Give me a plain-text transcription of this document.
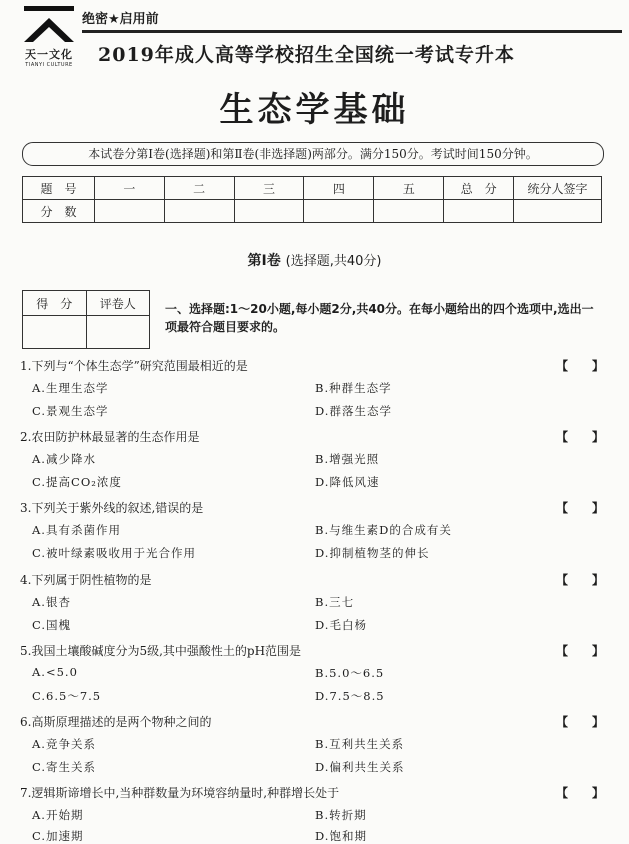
天一文化
TIANYI CULTURE
绝密★启用前
2019年成人高等学校招生全国统一考试专升本
生态学基础
本试卷分第Ⅰ卷(选择题)和第Ⅱ卷(非选择题)两部分。满分150分。考试时间150分钟。
题　号	一	二	三	四	五	总　分	统分人签字
分　数							
第Ⅰ卷 (选择题,共40分)
得　分	评卷人
	一、选择题:1～20小题,每小题2分,共40分。在每小题给出的四个选项中,选出一项最符合题目要求的。
1.下列与“个体生态学”研究范围最相近的是	【　　】
A.生理生态学	B.种群生态学
C.景观生态学	D.群落生态学
2.农田防护林最显著的生态作用是	【　　】
A.减少降水	B.增强光照
C.提高CO₂浓度	D.降低风速
3.下列关于紫外线的叙述,错误的是	【　　】
A.具有杀菌作用	B.与维生素D的合成有关
C.被叶绿素吸收用于光合作用	D.抑制植物茎的伸长
4.下列属于阴性植物的是	【　　】
A.银杏	B.三七
C.国槐	D.毛白杨
5.我国土壤酸碱度分为5级,其中强酸性土的pH范围是	【　　】
A.<5.0	B.5.0～6.5
C.6.5～7.5	D.7.5～8.5
6.高斯原理描述的是两个物种之间的	【　　】
A.竞争关系	B.互利共生关系
C.寄生关系	D.偏利共生关系
7.逻辑斯谛增长中,当种群数量为环境容纳量时,种群增长处于	【　　】
A.开始期	B.转折期
C.加速期	D.饱和期
